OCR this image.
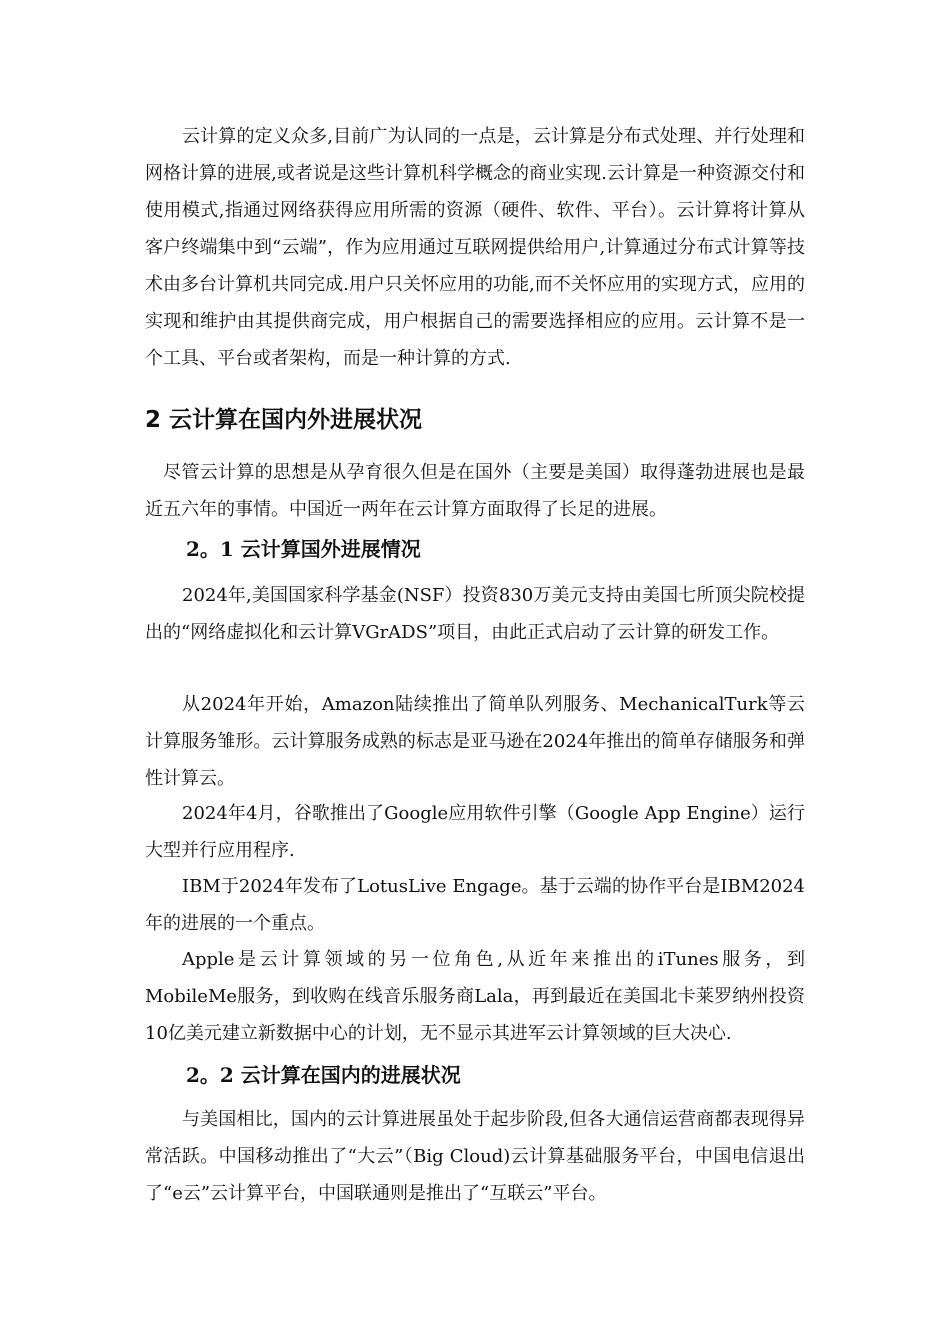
云计算的定义众多,目前广为认同的一点是，云计算是分布式处理、并行处理和网格计算的进展,或者说是这些计算机科学概念的商业实现.云计算是一种资源交付和使用模式,指通过网络获得应用所需的资源（硬件、软件、平台）。云计算将计算从客户终端集中到“云端”，作为应用通过互联网提供给用户,计算通过分布式计算等技术由多台计算机共同完成.用户只关怀应用的功能,而不关怀应用的实现方式，应用的实现和维护由其提供商完成，用户根据自己的需要选择相应的应用。云计算不是一个工具、平台或者架构，而是一种计算的方式.

2 云计算在国内外进展状况

尽管云计算的思想是从孕育很久但是在国外（主要是美国）取得蓬勃进展也是最近五六年的事情。中国近一两年在云计算方面取得了长足的进展。

2。1 云计算国外进展情况

2024年,美国国家科学基金(NSF）投资830万美元支持由美国七所顶尖院校提出的“网络虚拟化和云计算VGrADS”项目，由此正式启动了云计算的研发工作。

从2024年开始，Amazon陆续推出了简单队列服务、MechanicalTurk等云计算服务雏形。云计算服务成熟的标志是亚马逊在2024年推出的简单存储服务和弹性计算云。

2024年4月，谷歌推出了Google应用软件引擎（Google App Engine）运行大型并行应用程序.

IBM于2024年发布了LotusLive Engage。基于云端的协作平台是IBM2024年的进展的一个重点。

Apple是云计算领域的另一位角色,从近年来推出的iTunes服务，到MobileMe服务，到收购在线音乐服务商Lala，再到最近在美国北卡莱罗纳州投资10亿美元建立新数据中心的计划，无不显示其进军云计算领域的巨大决心.

2。2 云计算在国内的进展状况

与美国相比，国内的云计算进展虽处于起步阶段,但各大通信运营商都表现得异常活跃。中国移动推出了“大云”（Big Cloud)云计算基础服务平台，中国电信退出了“e云”云计算平台，中国联通则是推出了“互联云”平台。
